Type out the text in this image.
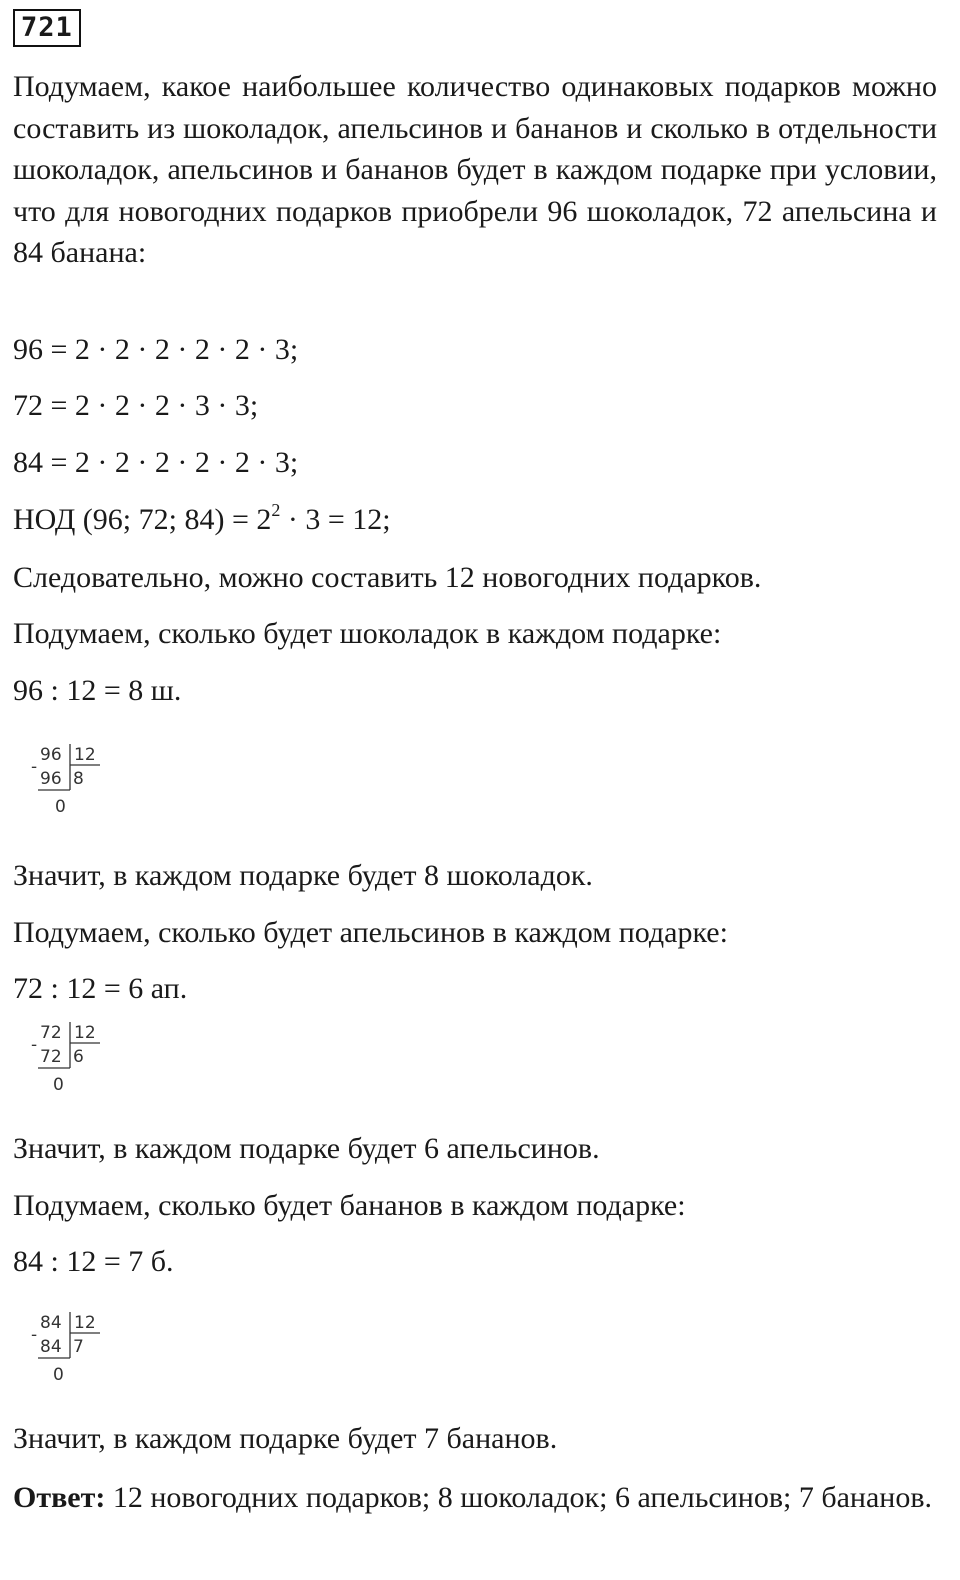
721
Подумаем, какое наибольшее количество одинаковых подарков можно составить из шоколадок, апельсинов и бананов и сколько в отдельности шоколадок, апельсинов и бананов будет в каждом подарке при условии, что для новогодних подарков приобрели 96 шоколадок, 72 апельсина и 84 банана:
96 = 2 · 2 · 2 · 2 · 2 · 3;
72 = 2 · 2 · 2 · 3 · 3;
84 = 2 · 2 · 2 · 2 · 2 · 3;
НОД (96; 72; $84) = 2^2 \cdot 3 = 12$;
Следовательно, можно составить 12 новогодних подарков.
Подумаем, сколько будет шоколадок в каждом подарке:
96 : 12 = 8 ш.
-
96 12
96 8
0
Значит, в каждом подарке будет 8 шоколадок.
Подумаем, сколько будет апельсинов в каждом подарке:
72 : 12 = 6 ап.
-
72 12
72 6
0
Значит, в каждом подарке будет 6 апельсинов.
Подумаем, сколько будет бананов в каждом подарке:
84 : 12 = 7 б.
-
84 12
84 7
0
Значит, в каждом подарке будет 7 бананов.
Ответ: 12 новогодних подарков; 8 шоколадок; 6 апельсинов; 7 бананов.
